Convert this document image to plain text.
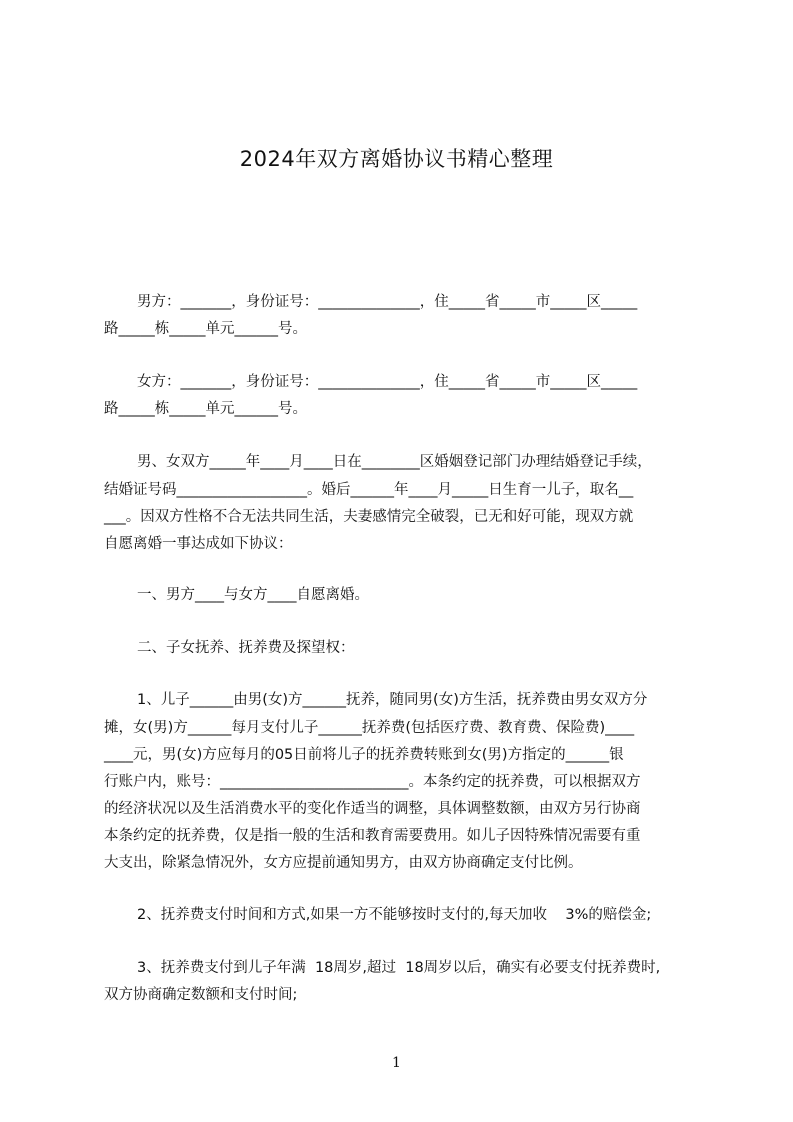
2024年双方离婚协议书精心整理
男方：_______，身份证号：______________，住_____省_____市_____区_____
路_____栋_____单元______号。
女方：_______，身份证号：______________，住_____省_____市_____区_____
路_____栋_____单元______号。
男、女双方_____年____月____日在________区婚姻登记部门办理结婚登记手续，
结婚证号码__________________。婚后______年____月_____日生育一儿子，取名__
___。因双方性格不合无法共同生活，夫妻感情完全破裂，已无和好可能，现双方就
自愿离婚一事达成如下协议：
一、男方____与女方____自愿离婚。
二、子女抚养、抚养费及探望权：
1、儿子______由男(女)方______抚养，随同男(女)方生活，抚养费由男女双方分
摊，女(男)方______每月支付儿子______抚养费(包括医疗费、教育费、保险费)____
____元，男(女)方应每月的05日前将儿子的抚养费转账到女(男)方指定的______银
行账户内，账号：__________________________。本条约定的抚养费，可以根据双方
的经济状况以及生活消费水平的变化作适当的调整，具体调整数额，由双方另行协商
本条约定的抚养费，仅是指一般的生活和教育需要费用。如儿子因特殊情况需要有重
大支出，除紧急情况外，女方应提前通知男方，由双方协商确定支付比例。
2、抚养费支付时间和方式,如果一方不能够按时支付的,每天加收    3%的赔偿金;
3、抚养费支付到儿子年满  18周岁,超过  18周岁以后，确实有必要支付抚养费时,
双方协商确定数额和支付时间;
1
